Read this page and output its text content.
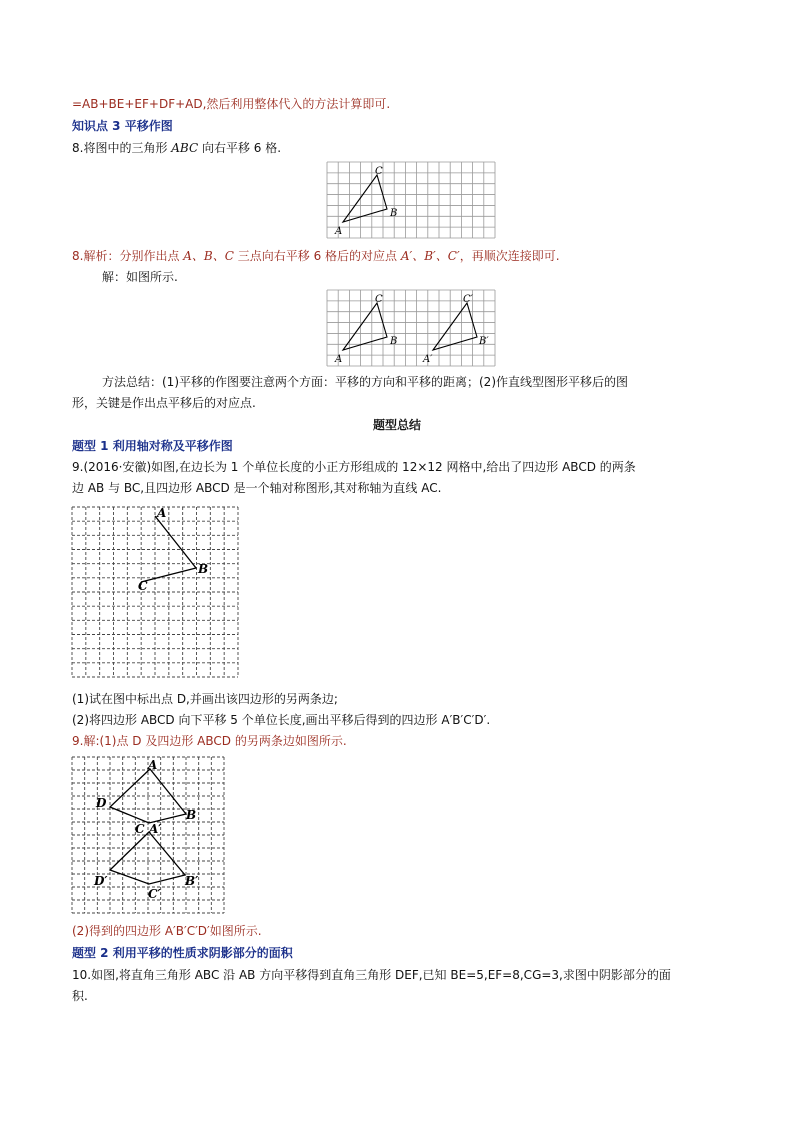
=AB+BE+EF+DF+AD,然后利用整体代入的方法计算即可.
知识点 3 平移作图
8.将图中的三角形 ABC 向右平移 6 格.
A
C
B
8.解析：分别作出点 A、B、C 三点向右平移 6 格后的对应点 A′、B′、C′，再顺次连接即可.
解：如图所示.
A
C
B
A′
C′
B′
方法总结：(1)平移的作图要注意两个方面：平移的方向和平移的距离；(2)作直线型图形平移后的图
形，关键是作出点平移后的对应点.
题型总结
题型 1 利用轴对称及平移作图
9.(2016·安徽)如图,在边长为 1 个单位长度的小正方形组成的 12×12 网格中,给出了四边形 ABCD 的两条
边 AB 与 BC,且四边形 ABCD 是一个轴对称图形,其对称轴为直线 AC.
A
B
C
(1)试在图中标出点 D,并画出该四边形的另两条边;
(2)将四边形 ABCD 向下平移 5 个单位长度,画出平移后得到的四边形 A′B′C′D′.
9.解:(1)点 D 及四边形 ABCD 的另两条边如图所示.
A
D
B
C A′
D′	B′
C′
(2)得到的四边形 A′B′C′D′如图所示.
题型 2 利用平移的性质求阴影部分的面积
10.如图,将直角三角形 ABC 沿 AB 方向平移得到直角三角形 DEF,已知 BE=5,EF=8,CG=3,求图中阴影部分的面
积.
